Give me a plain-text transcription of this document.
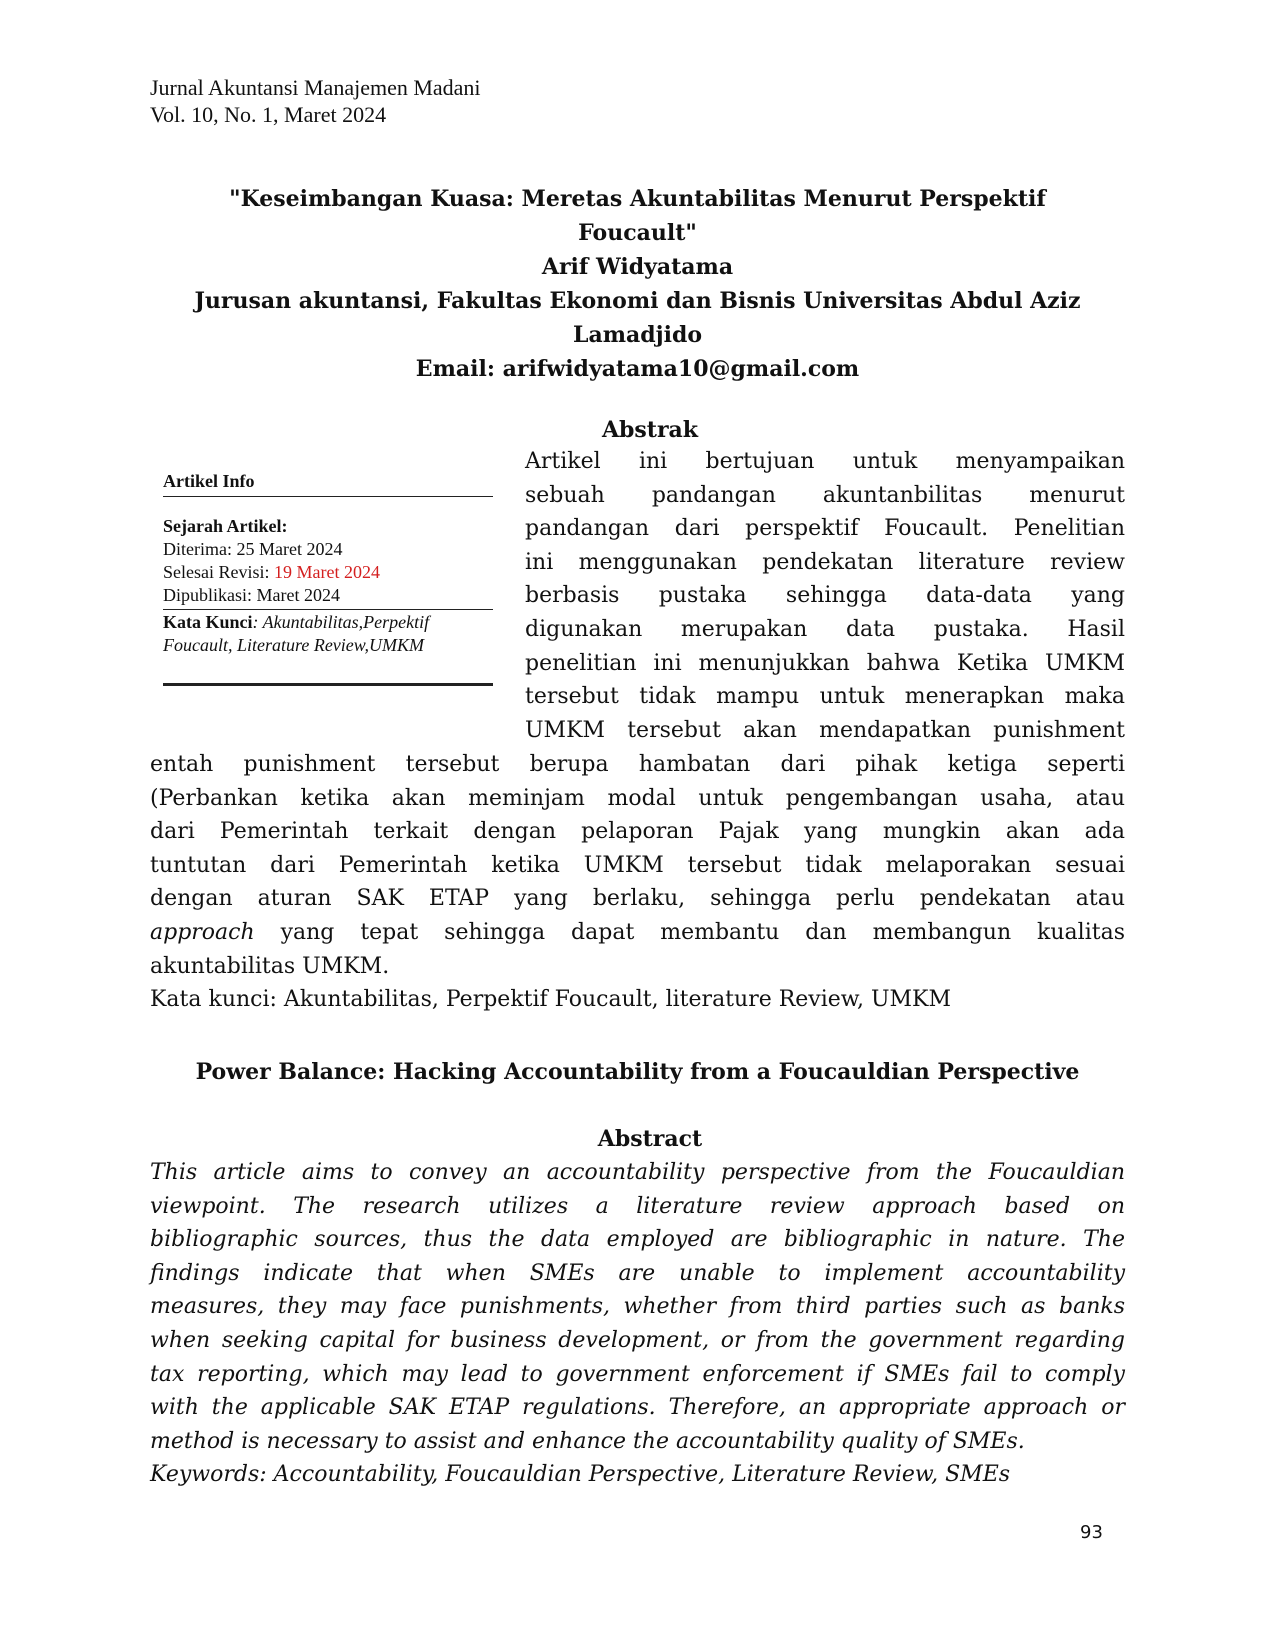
Jurnal Akuntansi Manajemen Madani
Vol. 10, No. 1, Maret 2024
"Keseimbangan Kuasa: Meretas Akuntabilitas Menurut Perspektif
Foucault"
Arif Widyatama
Jurusan akuntansi, Fakultas Ekonomi dan Bisnis Universitas Abdul Aziz
Lamadjido
Email: arifwidyatama10@gmail.com
Abstrak
Artikel Info
Sejarah Artikel:
Diterima: 25 Maret 2024
Selesai Revisi: 19 Maret 2024
Dipublikasi: Maret 2024
Kata Kunci: Akuntabilitas,Perpektif
Foucault, Literature Review,UMKM
Artikel ini bertujuan untuk menyampaikan
sebuah pandangan akuntanbilitas menurut
pandangan dari perspektif Foucault. Penelitian
ini menggunakan pendekatan literature review
berbasis pustaka sehingga data-data yang
digunakan merupakan data pustaka. Hasil
penelitian ini menunjukkan bahwa Ketika UMKM
tersebut tidak mampu untuk menerapkan maka
UMKM tersebut akan mendapatkan punishment
entah punishment tersebut berupa hambatan dari pihak ketiga seperti
(Perbankan ketika akan meminjam modal untuk pengembangan usaha, atau
dari Pemerintah terkait dengan pelaporan Pajak yang mungkin akan ada
tuntutan dari Pemerintah ketika UMKM tersebut tidak melaporakan sesuai
dengan aturan SAK ETAP yang berlaku, sehingga perlu pendekatan atau
approach yang tepat sehingga dapat membantu dan membangun kualitas
akuntabilitas UMKM.
Kata kunci: Akuntabilitas, Perpektif Foucault, literature Review, UMKM
Power Balance: Hacking Accountability from a Foucauldian Perspective
Abstract
This article aims to convey an accountability perspective from the Foucauldian
viewpoint. The research utilizes a literature review approach based on
bibliographic sources, thus the data employed are bibliographic in nature. The
findings indicate that when SMEs are unable to implement accountability
measures, they may face punishments, whether from third parties such as banks
when seeking capital for business development, or from the government regarding
tax reporting, which may lead to government enforcement if SMEs fail to comply
with the applicable SAK ETAP regulations. Therefore, an appropriate approach or
method is necessary to assist and enhance the accountability quality of SMEs.
Keywords: Accountability, Foucauldian Perspective, Literature Review, SMEs
93
